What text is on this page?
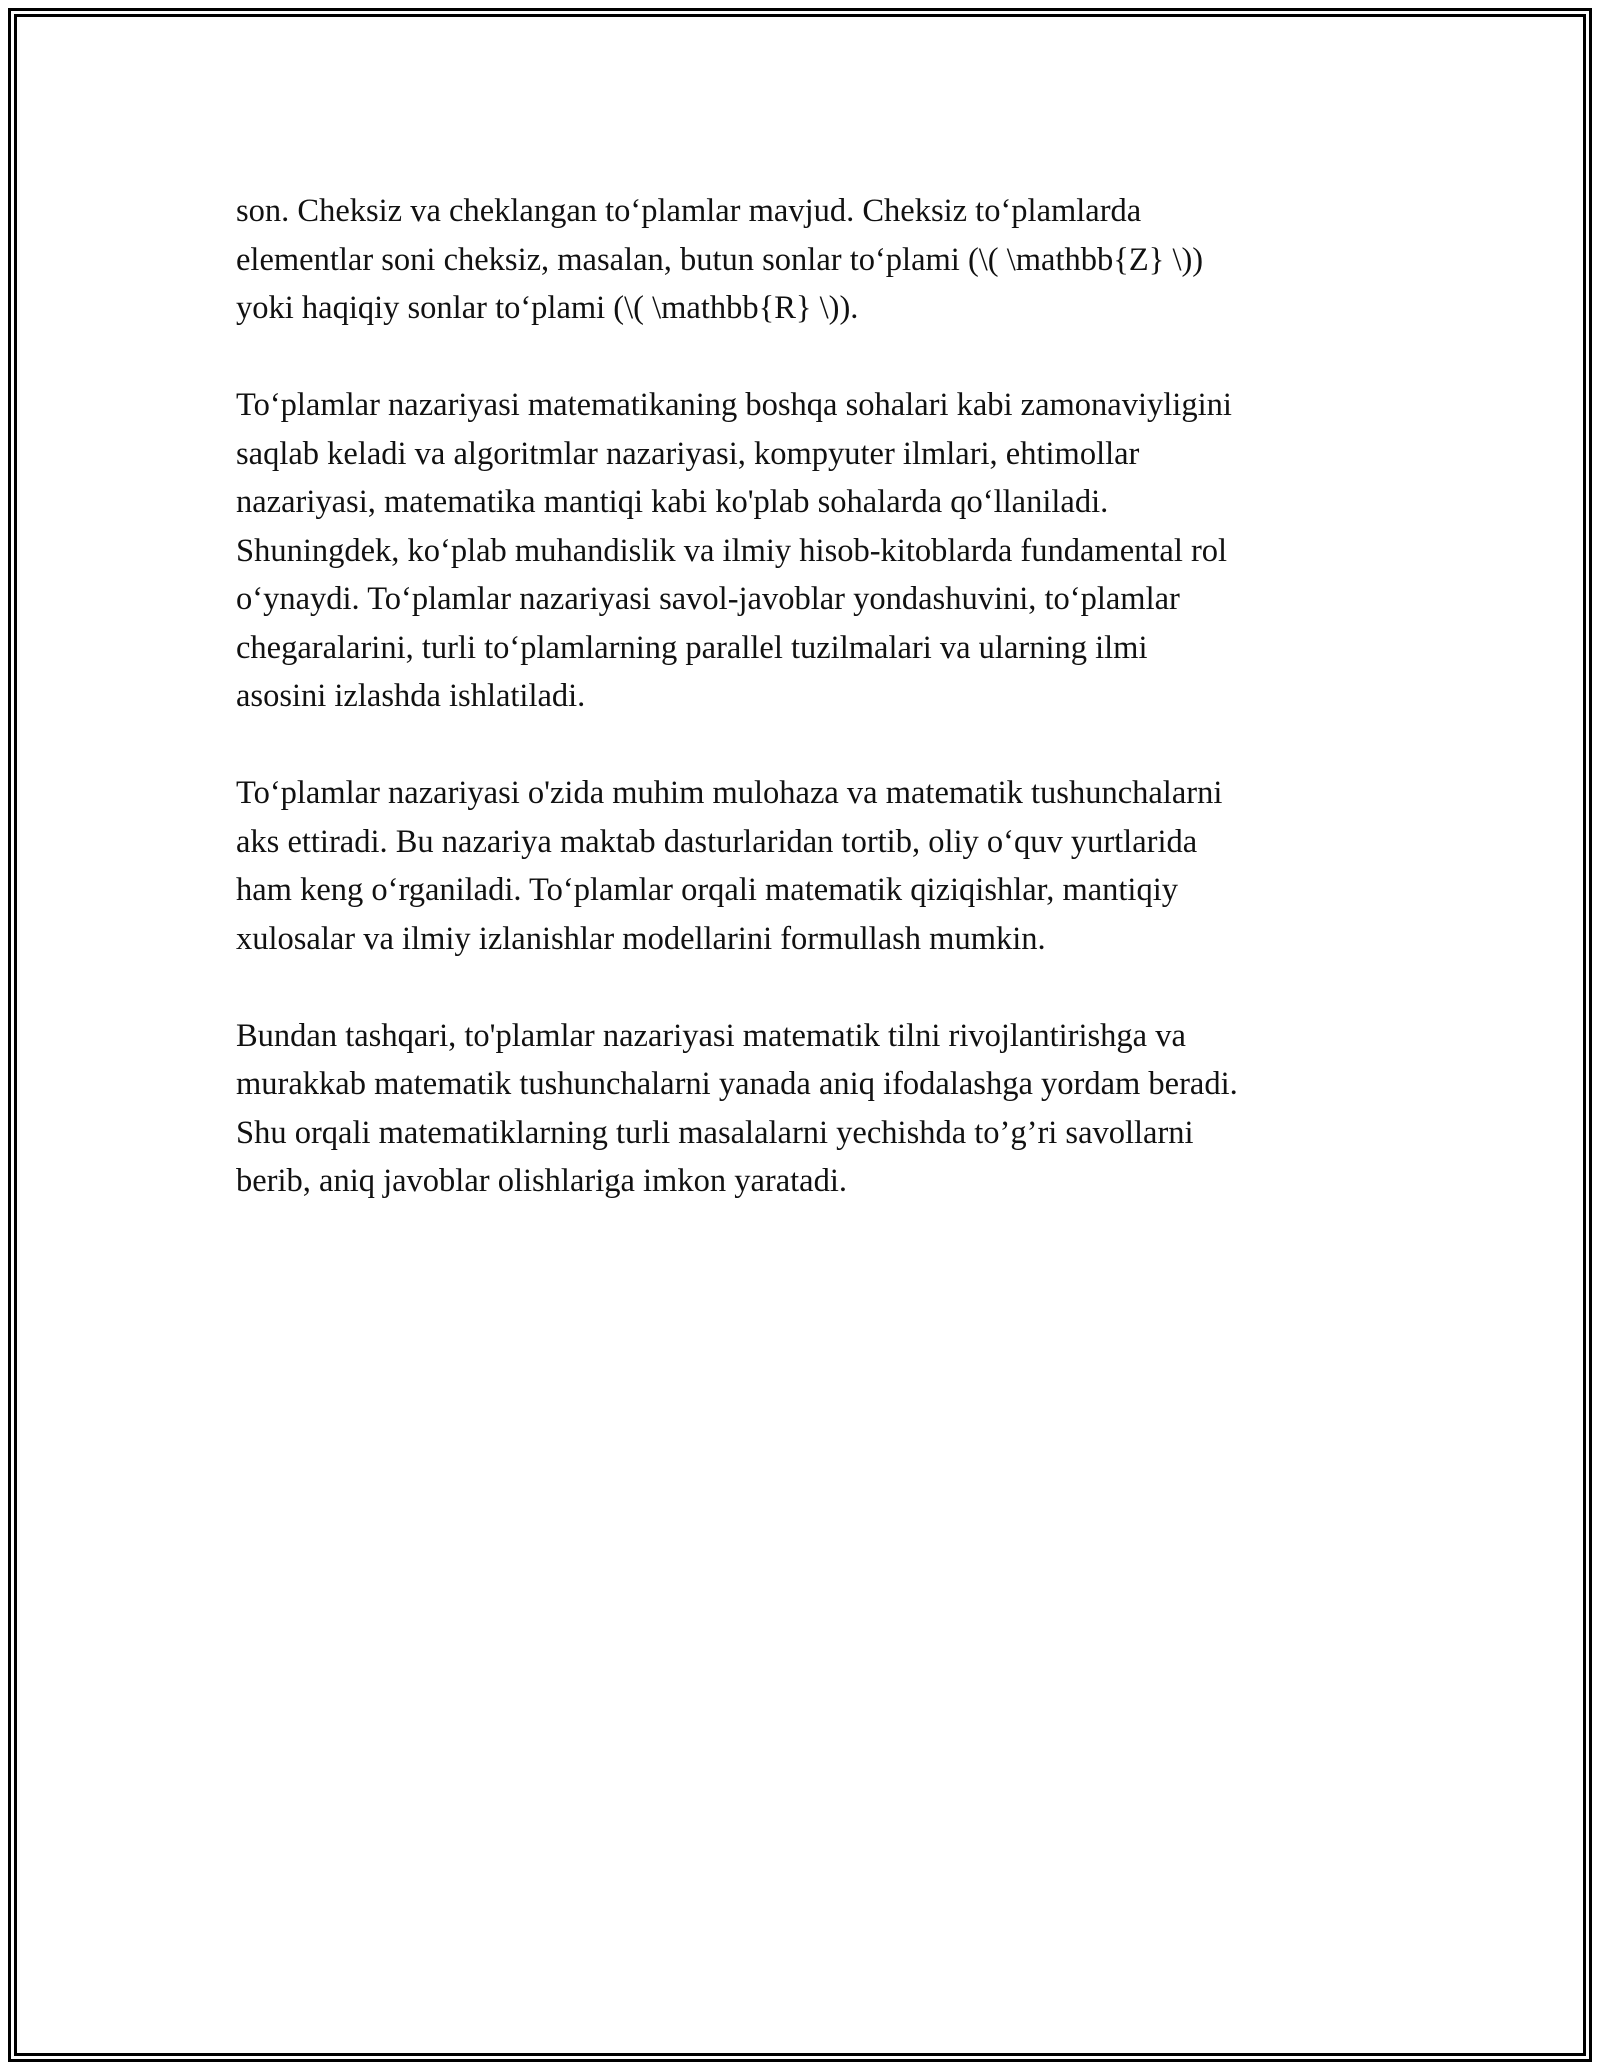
son. Cheksiz va cheklangan to‘plamlar mavjud. Cheksiz to‘plamlarda
elementlar soni cheksiz, masalan, butun sonlar to‘plami (\( \mathbb{Z} \))
yoki haqiqiy sonlar to‘plami (\( \mathbb{R} \)).

To‘plamlar nazariyasi matematikaning boshqa sohalari kabi zamonaviyligini
saqlab keladi va algoritmlar nazariyasi, kompyuter ilmlari, ehtimollar
nazariyasi, matematika mantiqi kabi ko'plab sohalarda qo‘llaniladi.
Shuningdek, ko‘plab muhandislik va ilmiy hisob-kitoblarda fundamental rol
o‘ynaydi. To‘plamlar nazariyasi savol-javoblar yondashuvini, to‘plamlar
chegaralarini, turli to‘plamlarning parallel tuzilmalari va ularning ilmi
asosini izlashda ishlatiladi.

To‘plamlar nazariyasi o'zida muhim mulohaza va matematik tushunchalarni
aks ettiradi. Bu nazariya maktab dasturlaridan tortib, oliy o‘quv yurtlarida
ham keng o‘rganiladi. To‘plamlar orqali matematik qiziqishlar, mantiqiy
xulosalar va ilmiy izlanishlar modellarini formullash mumkin.

Bundan tashqari, to'plamlar nazariyasi matematik tilni rivojlantirishga va
murakkab matematik tushunchalarni yanada aniq ifodalashga yordam beradi.
Shu orqali matematiklarning turli masalalarni yechishda to’g’ri savollarni
berib, aniq javoblar olishlariga imkon yaratadi.
